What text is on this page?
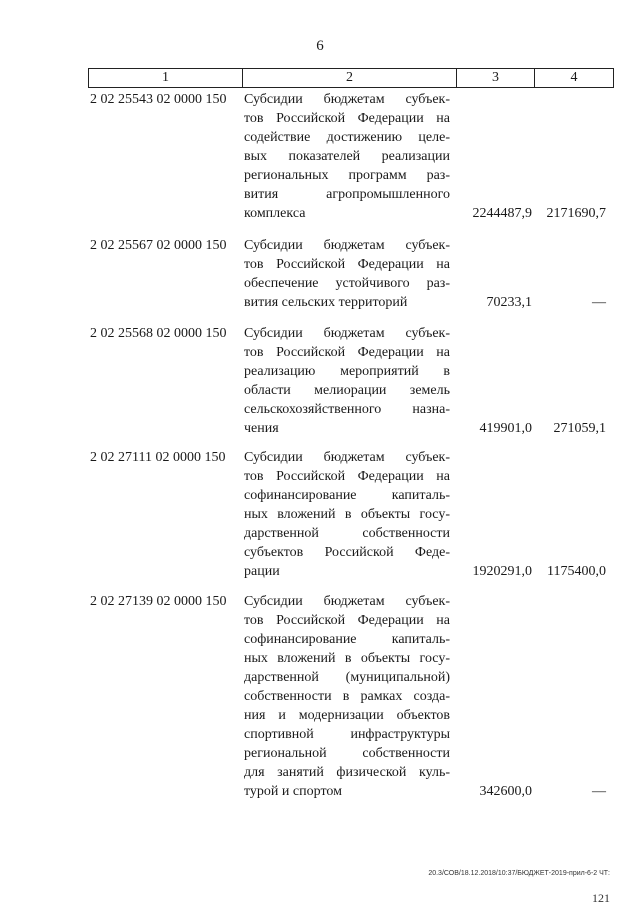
6
1	2	3	4
2 02 25543 02 0000 150	Субсидии бюджетам субъек-
тов Российской Федерации на
содействие достижению целе-
вых показателей реализации
региональных программ раз-
вития агропромышленного
комплекса	2244487,9 2171690,7
2 02 25567 02 0000 150	Субсидии бюджетам субъек-
тов Российской Федерации на
обеспечение устойчивого раз-
вития сельских территорий	70233,1	—
2 02 25568 02 0000 150	Субсидии бюджетам субъек-
тов Российской Федерации на
реализацию мероприятий в
области мелиорации земель
сельскохозяйственного назна-
чения	419901,0 271059,1
2 02 27111 02 0000 150	Субсидии бюджетам субъек-
тов Российской Федерации на
софинансирование капиталь-
ных вложений в объекты госу-
дарственной собственности
субъектов Российской Феде-
рации	1920291,0 1175400,0
2 02 27139 02 0000 150	Субсидии бюджетам субъек-
тов Российской Федерации на
софинансирование капиталь-
ных вложений в объекты госу-
дарственной (муниципальной)
собственности в рамках созда-
ния и модернизации объектов
спортивной инфраструктуры
региональной собственности
для занятий физической куль-
турой и спортом	342600,0	—
20.3/СОВ/18.12.2018/10:37/БЮДЖЕТ-2019-прил-6-2 ЧТ:
121
